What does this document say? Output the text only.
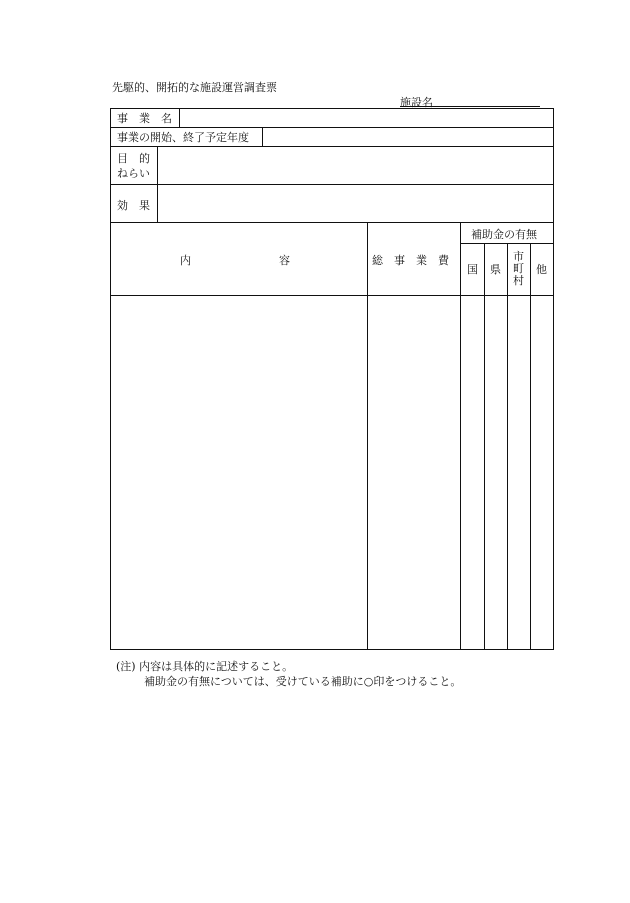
先駆的、開拓的な施設運営調査票
施設名
事　業　名
事業の開始、終了予定年度
目　的
ねらい
効　果
内　　　　　　　　容	総　事　業　費
補助金の有無
国 県
市
町
村
他
(注) 内容は具体的に記述すること。
補助金の有無については、受けている補助に○印をつけること。
